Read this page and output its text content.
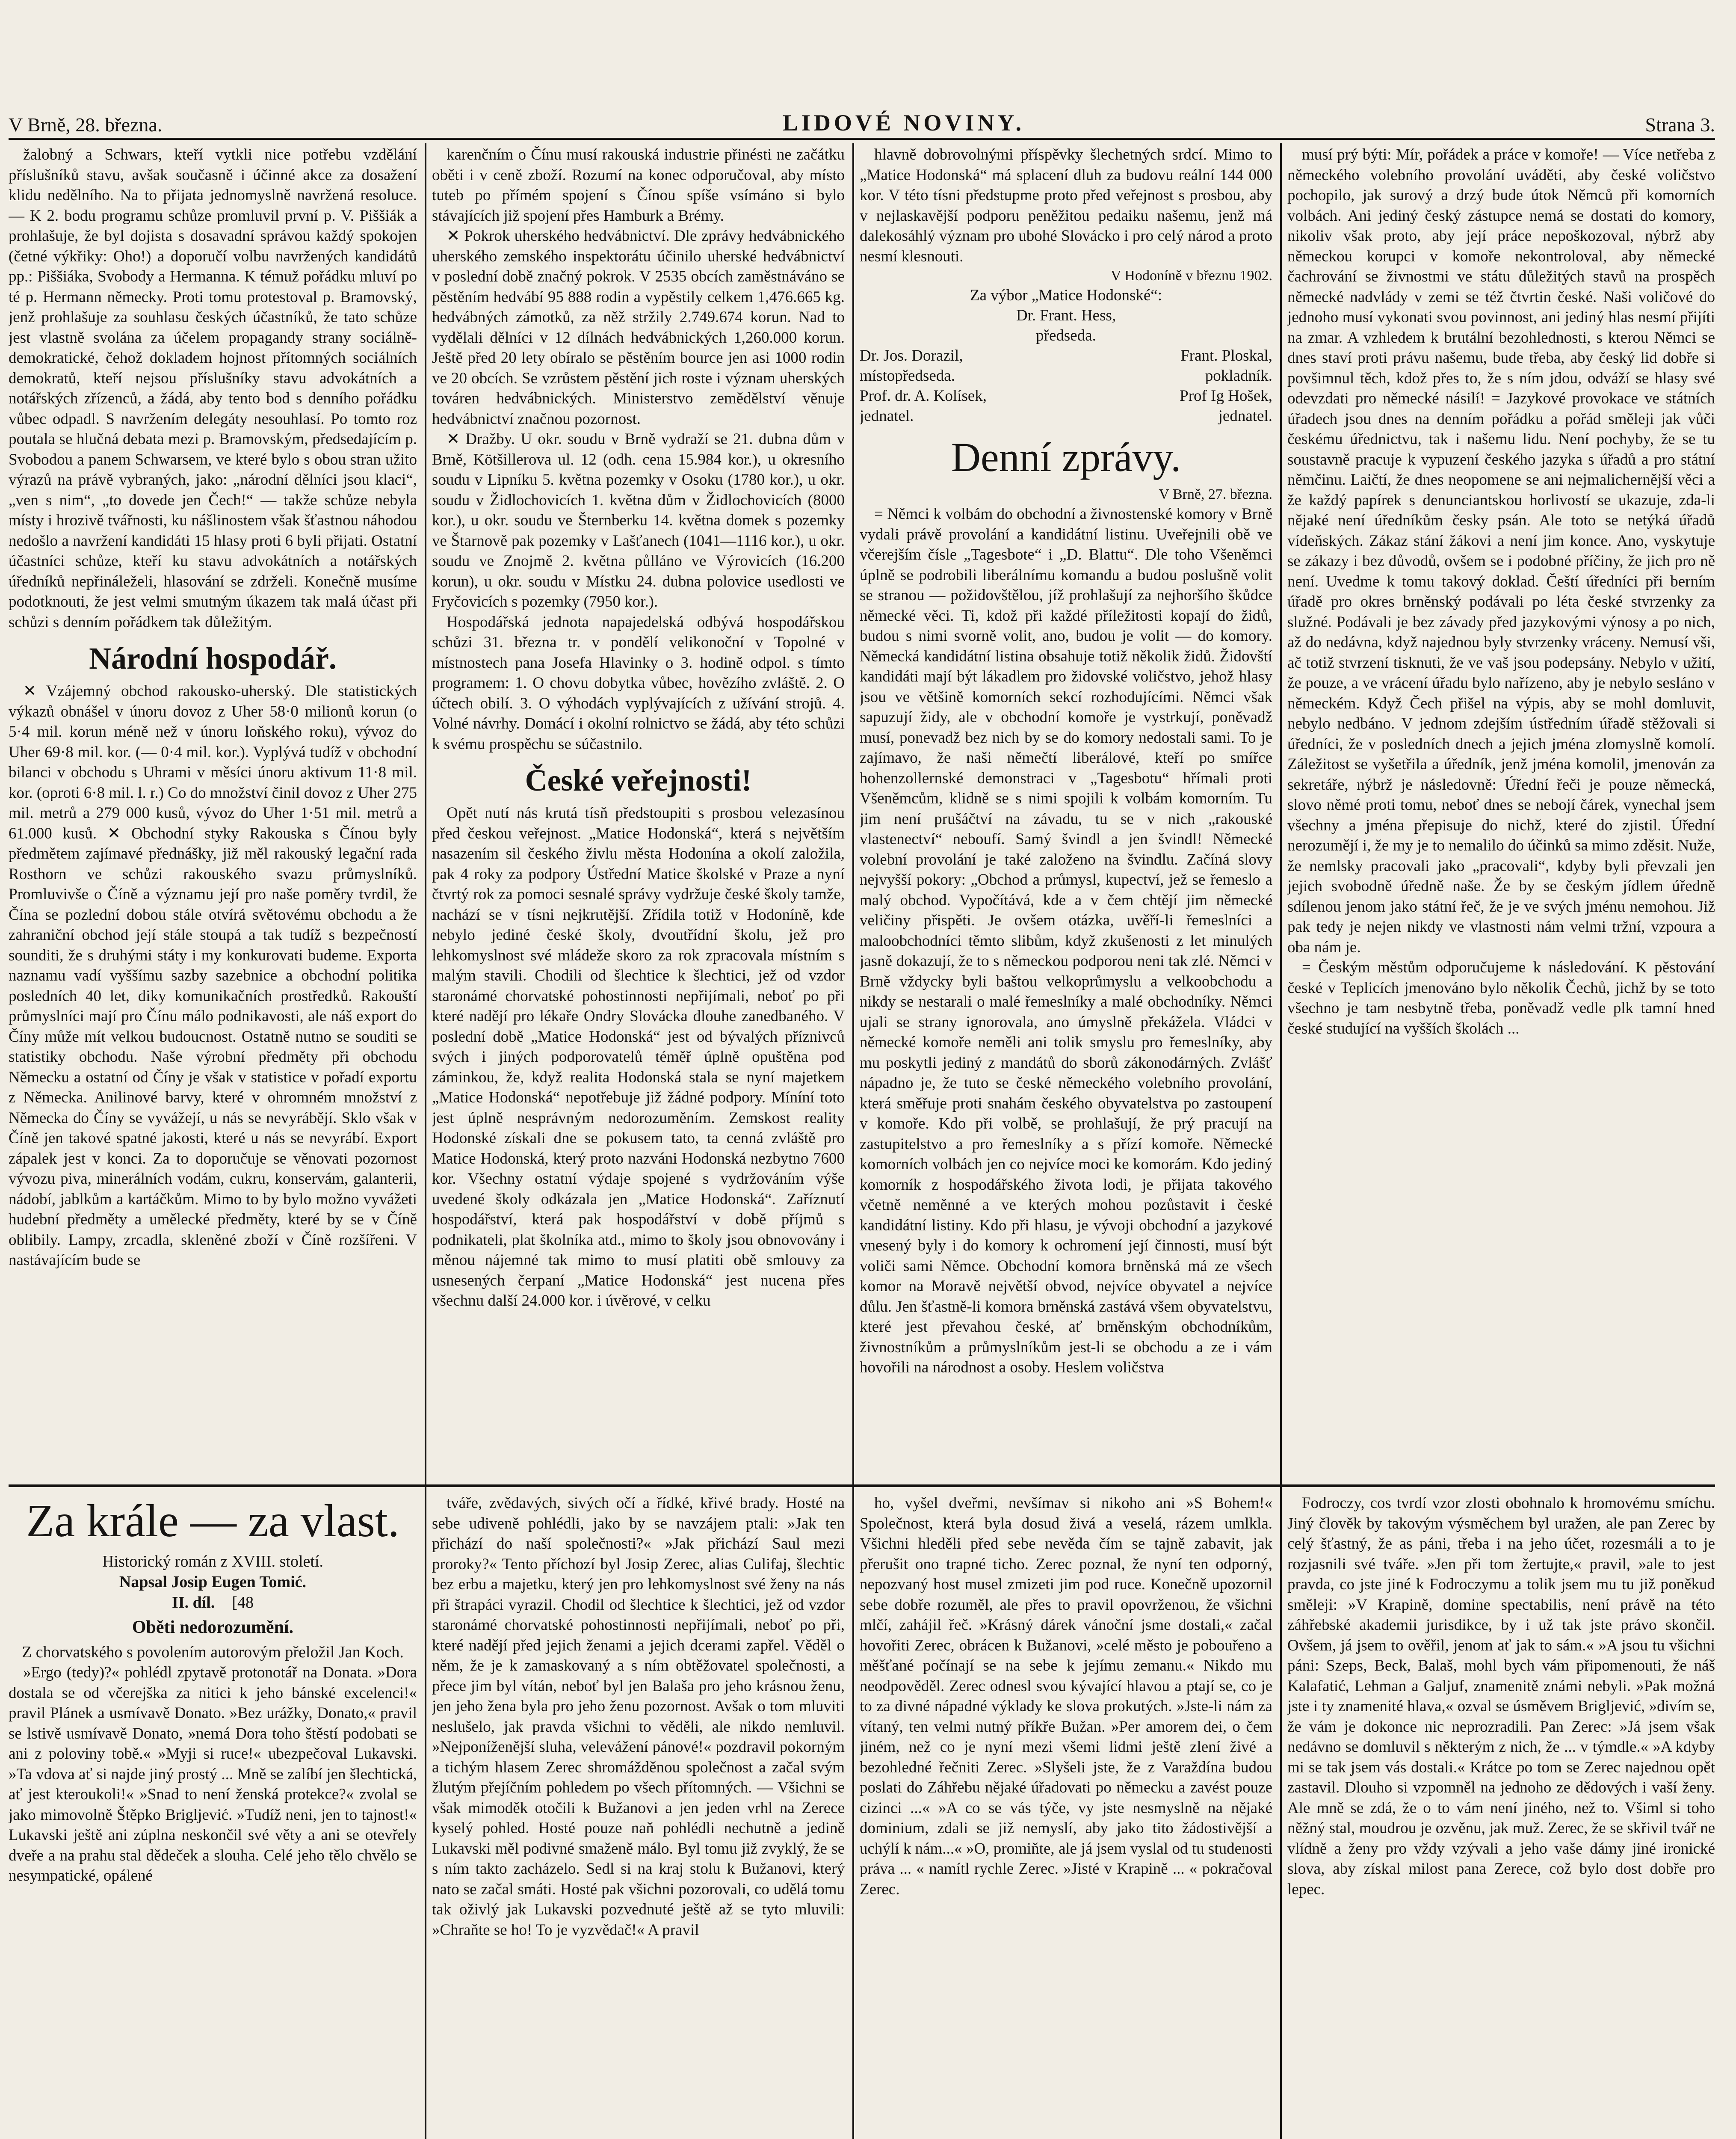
V Brně, 28. března.	LIDOVÉ NOVINY.	Strana 3.

žalobný a Schwars, kteří vytkli nice potřebu vzdělání příslušníků stavu, avšak současně i účinné akce za dosažení klidu nedělního. Na to přijata jednomyslně navržená resoluce. — K 2. bodu programu schůze promluvil první p. V. Piššiák a prohlašuje, že byl dojista s dosavadní správou každý spokojen (četné výkřiky: Oho!) a doporučí volbu navržených kandidátů pp.: Piššiáka, Svobody a Hermanna. K témuž pořádku mluví po té p. Hermann německy. Proti tomu protestoval p. Bramovský, jenž prohlašuje za souhlasu českých účastníků, že tato schůze jest vlastně svolána za účelem propagandy strany sociálně-demokratické, čehož dokladem hojnost přítomných sociálních demokratů, kteří nejsou příslušníky stavu advokátních a notářských zřízenců, a žádá, aby tento bod s denního pořádku vůbec odpadl. S navržením delegáty nesouhlasí. Po tomto roz poutala se hlučná debata mezi p. Bramovským, předsedajícím p. Svobodou a panem Schwarsem, ve které bylo s obou stran užito výrazů na právě vybraných, jako: „národní dělníci jsou klaci“, „ven s nim“, „to dovede jen Čech!“ — takže schůze nebyla místy i hrozivě tvářnosti, ku nášlinostem však šťastnou náhodou nedošlo a navržení kandidáti 15 hlasy proti 6 byli přijati. Ostatní účastníci schůze, kteří ku stavu advokátních a notářských úředníků nepřináleželi, hlasování se zdrželi. Konečně musíme podotknouti, že jest velmi smutným úkazem tak malá účast při schůzi s denním pořádkem tak důležitým.

Národní hospodář.

✕ Vzájemný obchod rakousko-uherský. Dle statistických výkazů obnášel v únoru dovoz z Uher 58·0 milionů korun (o 5·4 mil. korun méně než v únoru loňského roku), vývoz do Uher 69·8 mil. kor. (— 0·4 mil. kor.). Vyplývá tudíž v obchodní bilanci v obchodu s Uhrami v měsíci únoru aktivum 11·8 mil. kor. (oproti 6·8 mil. l. r.) Co do množství činil dovoz z Uher 275 mil. metrů a 279 000 kusů, vývoz do Uher 1·51 mil. metrů a 61.000 kusů. ✕ Obchodní styky Rakouska s Čínou byly předmětem zajímavé přednášky, již měl rakouský legační rada Rosthorn ve schůzi rakouského svazu průmyslníků. Promluvivše o Číně a významu její pro naše poměry tvrdil, že Čína se pozlední dobou stále otvírá světovému obchodu a že zahraniční obchod její stále stoupá a tak tudíž s bezpečností sounditi, že s druhými státy i my konkurovati budeme. Exporta naznamu vadí vyššímu sazby sazebnice a obchodní politika posledních 40 let, diky komunikačních prostředků. Rakouští průmyslníci mají pro Čínu málo podnikavosti, ale náš export do Číny může mít velkou budoucnost. Ostatně nutno se souditi se statistiky obchodu. Naše výrobní předměty při obchodu Německu a ostatní od Číny je však v statistice v pořadí exportu z Německa. Anilinové barvy, které v ohromném množství z Německa do Číny se vyvážejí, u nás se nevyrábějí. Sklo však v Číně jen takové spatné jakosti, které u nás se nevyrábí. Export zápalek jest v konci. Za to doporučuje se věnovati pozornost vývozu piva, minerálních vodám, cukru, konservám, galanterii, nádobí, jablkům a kartáčkům. Mimo to by bylo možno vyvážeti hudební předměty a umělecké předměty, které by se v Číně oblibily. Lampy, zrcadla, skleněné zboží v Číně rozšířeni. V nastávajícím bude se

karenčním o Čínu musí rakouská industrie přinésti ne začátku oběti i v ceně zboží. Rozumí na konec odporučoval, aby místo tuteb po přímém spojení s Čínou spíše vsímáno si bylo stávajících již spojení přes Hamburk a Brémy.

✕ Pokrok uherského hedvábnictví. Dle zprávy hedvábnického uherského zemského inspektorátu účinilo uherské hedvábnictví v poslední době značný pokrok. V 2535 obcích zaměstnáváno se pěstěním hedvábí 95 888 rodin a vypěstily celkem 1,476.665 kg. hedvábných zámotků, za něž stržily 2.749.674 korun. Nad to vydělali dělníci v 12 dílnách hedvábnických 1,260.000 korun. Ještě před 20 lety obíralo se pěstěním bource jen asi 1000 rodin ve 20 obcích. Se vzrůstem pěstění jich roste i význam uherských továren hedvábnických. Ministerstvo zemědělství věnuje hedvábnictví značnou pozornost.

✕ Dražby. U okr. soudu v Brně vydraží se 21. dubna dům v Brně, Kötšillerova ul. 12 (odh. cena 15.984 kor.), u okresního soudu v Lipníku 5. května pozemky v Osoku (1780 kor.), u okr. soudu v Židlochovicích 1. května dům v Židlochovicích (8000 kor.), u okr. soudu ve Šternberku 14. května domek s pozemky ve Štarnově pak pozemky v Lašťanech (1041—1116 kor.), u okr. soudu ve Znojmě 2. května půlláno ve Výrovicích (16.200 korun), u okr. soudu v Místku 24. dubna polovice usedlosti ve Fryčovicích s pozemky (7950 kor.).

Hospodářská jednota napajedelská odbývá hospodářskou schůzi 31. března tr. v pondělí velikonoční v Topolné v místnostech pana Josefa Hlavinky o 3. hodině odpol. s tímto programem: 1. O chovu dobytka vůbec, hovězího zvláště. 2. O účtech obilí. 3. O výhodách vyplývajících z užívání strojů. 4. Volné návrhy. Domácí i okolní rolnictvo se žádá, aby této schůzi k svému prospěchu se súčastnilo.

České veřejnosti!

Opět nutí nás krutá tísň předstoupiti s prosbou velezasínou před českou veřejnost. „Matice Hodonská“, která s největším nasazením sil českého živlu města Hodonína a okolí založila, pak 4 roky za podpory Ústřední Matice školské v Praze a nyní čtvrtý rok za pomoci sesnalé správy vydržuje české školy tamže, nachází se v tísni nejkrutější. Zřídila totiž v Hodoníně, kde nebylo jediné české školy, dvoutřídní školu, jež pro lehkomyslnost své mládeže skoro za rok zpracovala místním s malým stavili. Chodili od šlechtice k šlechtici, jež od vzdor staronámé chorvatské pohostinnosti nepřijímali, neboť po při které nadějí pro lékaře Ondry Slovácka dlouhe zanedbaného. V poslední době „Matice Hodonská“ jest od bývalých příznivců svých i jiných podporovatelů téměř úplně opuštěna pod záminkou, že, když realita Hodonská stala se nyní majetkem „Matice Hodonská“ nepotřebuje již žádné podpory. Míníní toto jest úplně nesprávným nedorozuměním. Zemskost reality Hodonské získali dne se pokusem tato, ta cenná zvláště pro Matice Hodonská, který proto nazváni Hodonská nezbytno 7600 kor. Všechny ostatní výdaje spojené s vydržováním výše uvedené školy odkázala jen „Matice Hodonská“. Zaříznutí hospodářství, která pak hospodářství v době příjmů s podnikateli, plat školníka atd., mimo to školy jsou obnovovány i měnou nájemné tak mimo to musí platiti obě smlouvy za usnesených čerpaní „Matice Hodonská“ jest nucena přes všechnu další 24.000 kor. i úvěrové, v celku

hlavně dobrovolnými příspěvky šlechetných srdcí. Mimo to „Matice Hodonská“ má splacení dluh za budovu reální 144 000 kor. V této tísni předstupme proto před veřejnost s prosbou, aby v nejlaskavější podporu peněžitou pedaiku našemu, jenž má dalekosáhlý význam pro ubohé Slovácko i pro celý národ a proto nesmí klesnouti.

V Hodoníně v březnu 1902.
Za výbor „Matice Hodonské“:
Dr. Frant. Hess,
předseda.
Dr. Jos. Dorazil,	Frant. Ploskal,
místopředseda.	pokladník.
Prof. dr. A. Kolísek,	Prof Ig Hošek,
jednatel.	jednatel.
Denní zprávy.
V Brně, 27. března.

= Němci k volbám do obchodní a živnostenské komory v Brně vydali právě provolání a kandidátní listinu. Uveřejnili obě ve včerejším čísle „Tagesbote“ i „D. Blattu“. Dle toho Všeněmci úplně se podrobili liberálnímu komandu a budou poslušně volit se stranou — požidovštělou, jíž prohlašují za nejhoršího škůdce německé věci. Ti, kdož při každé příležitosti kopají do židů, budou s nimi svorně volit, ano, budou je volit — do komory. Německá kandidátní listina obsahuje totiž několik židů. Židovští kandidáti mají být lákadlem pro židovské voličstvo, jehož hlasy jsou ve většině komorních sekcí rozhodujícími. Němci však sapuzují židy, ale v obchodní komoře je vystrkují, poněvadž musí, ponevadž bez nich by se do komory nedostali sami. To je zajímavo, že naši němečtí liberálové, kteří po smířce hohenzollernské demonstraci v „Tagesbotu“ hřímali proti Všeněmcům, klidně se s nimi spojili k volbám komorním. Tu jim není prušáčtví na závadu, tu se v nich „rakouské vlastenectví“ neboufí. Samý švindl a jen švindl! Německé volební provolání je také založeno na švindlu. Začíná slovy nejvyšší pokory: „Obchod a průmysl, kupectví, jež se řemeslo a malý obchod. Vypočítává, kde a v čem chtějí jim německé veličiny přispěti. Je ovšem otázka, uvěří-li řemeslníci a maloobchodníci těmto slibům, když zkušenosti z let minulých jasně dokazují, že to s německou podporou neni tak zlé. Němci v Brně vždycky byli baštou velkoprůmyslu a velkoobchodu a nikdy se nestarali o malé řemeslníky a malé obchodníky. Němci ujali se strany ignorovala, ano úmyslně překážela. Vládci v německé komoře neměli ani tolik smyslu pro řemeslníky, aby mu poskytli jediný z mandátů do sborů zákonodárných. Zvlášť nápadno je, že tuto se české německého volebního provolání, která směřuje proti snahám českého obyvatelstva po zastoupení v komoře. Kdo při volbě, se prohlašují, že prý pracují na zastupitelstvo a pro řemeslníky a s přízí komoře. Německé komorních volbách jen co nejvíce moci ke komorám. Kdo jediný komorník z hospodářského života lodi, je přijata takového včetně neměnné a ve kterých mohou pozůstavit i české kandidátní listiny. Kdo při hlasu, je vývoji obchodní a jazykové vnesený byly i do komory k ochromení její činnosti, musí být voliči sami Němce. Obchodní komora brněnská má ze všech komor na Moravě největší obvod, nejvíce obyvatel a nejvíce důlu. Jen šťastně-li komora brněnská zastává všem obyvatelstvu, které jest převahou české, ať brněnským obchodníkům, živnostníkům a průmyslníkům jest-li se obchodu a ze i vám hovořili na národnost a osoby. Heslem voličstva

musí prý býti: Mír, pořádek a práce v komoře! — Více netřeba z německého volebního provolání uváděti, aby české voličstvo pochopilo, jak surový a drzý bude útok Němců při komorních volbách. Ani jediný český zástupce nemá se dostati do komory, nikoliv však proto, aby její práce nepoškozoval, nýbrž aby německou korupci v komoře nekontroloval, aby německé čachrování se živnostmi ve státu důležitých stavů na prospěch německé nadvlády v zemi se též čtvrtin české. Naši voličové do jednoho musí vykonati svou povinnost, ani jediný hlas nesmí přijíti na zmar. A vzhledem k brutální bezohlednosti, s kterou Němci se dnes staví proti právu našemu, bude třeba, aby český lid dobře si povšimnul těch, kdož přes to, že s ním jdou, odváží se hlasy své odevzdati pro německé násilí! = Jazykové provokace ve státních úřadech jsou dnes na denním pořádku a pořád směleji jak vůči českému úřednictvu, tak i našemu lidu. Není pochyby, že se tu soustavně pracuje k vypuzení českého jazyka s úřadů a pro státní němčinu. Laičtí, že dnes neopomene se ani nejmalichernější věci a že každý papírek s denunciantskou horlivostí se ukazuje, zda-li nějaké není úředníkům česky psán. Ale toto se netýká úřadů vídeňských. Zákaz stání žákovi a není jim konce. Ano, vyskytuje se zákazy i bez důvodů, ovšem se i podobné příčiny, že jich pro ně není. Uvedme k tomu takový doklad. Čeští úředníci při berním úřadě pro okres brněnský podávali po léta české stvrzenky za služné. Podávali je bez závady před jazykovými výnosy a po nich, až do nedávna, když najednou byly stvrzenky vráceny. Nemusí vši, ač totiž stvrzení tisknuti, že ve vaš jsou podepsány. Nebylo v užití, že pouze, a ve vrácení úřadu bylo nařízeno, aby je nebylo sesláno v německém. Když Čech přišel na výpis, aby se mohl domluvit, nebylo nedbáno. V jednom zdejším ústředním úřadě stěžovali si úředníci, že v posledních dnech a jejich jména zlomyslně komolí. Záležitost se vyšetřila a úředník, jenž jména komolil, jmenován za sekretáře, nýbrž je následovně: Úřední řeči je pouze německá, slovo němé proti tomu, neboť dnes se nebojí čárek, vynechal jsem všechny a jména přepisuje do nichž, které do zjistil. Úřední nerozumějí i, že my je to nemalilo do účinků sa mimo zděsit. Nuže, že nemlsky pracovali jako „pracovali“, kdyby byli převzali jen jejich svobodně úředně naše. Že by se českým jídlem úředně sdílenou jenom jako státní řeč, že je ve svých jménu nemohou. Již pak tedy je nejen nikdy ve vlastnosti nám velmi tržní, vzpoura a oba nám je.

= Českým městům odporučujeme k následování. K pěstování české v Teplicích jmenováno bylo několik Čechů, jichž by se toto všechno je tam nesbytně třeba, poněvadž vedle plk tamní hned české studující na vyšších školách ...

Za krále — za vlast.
Historický román z XVIII. století.
Napsal Josip Eugen Tomić.
II. díl. [48
Oběti nedorozumění.
Z chorvatského s povolením autorovým přeložil Jan Koch.

»Ergo (tedy)?« pohlédl zpytavě protonotář na Donata. »Dora dostala se od včerejška za nitici k jeho bánské excelenci!« pravil Plánek a usmívavě Donato. »Bez urážky, Donato,« pravil se lstivě usmívavě Donato, »nemá Dora toho štěstí podobati se ani z poloviny tobě.« »Myji si ruce!« ubezpečoval Lukavski. »Ta vdova ať si najde jiný prostý ... Mně se zalíbí jen šlechtická, ať jest kteroukoli!« »Snad to není ženská protekce?« zvolal se jako mimovolně Štěpko Brigljević. »Tudíž neni, jen to tajnost!« Lukavski ještě ani zúplna neskončil své věty a ani se otevřely dveře a na prahu stal dědeček a slouha. Celé jeho tělo chvělo se nesympatické, opálené

tváře, zvědavých, sivých očí a řídké, křivé brady. Hosté na sebe udiveně pohlédli, jako by se navzájem ptali: »Jak ten přichází do naší společnosti?« »Jak přichází Saul mezi proroky?« Tento příchozí byl Josip Zerec, alias Culifaj, šlechtic bez erbu a majetku, který jen pro lehkomyslnost své ženy na nás při štrapáci vyrazil. Chodil od šlechtice k šlechtici, jež od vzdor staronámé chorvatské pohostinnosti nepřijímali, neboť po při, které nadějí před jejich ženami a jejich dcerami zapřel. Věděl o něm, že je k zamaskovaný a s ním obtěžovatel společnosti, a přece jim byl vítán, neboť byl jen Balaša pro jeho krásnou ženu, jen jeho žena byla pro jeho ženu pozornost. Avšak o tom mluviti neslušelo, jak pravda všichni to věděli, ale nikdo nemluvil. »Nejponíženější sluha, velevážení pánové!« pozdravil pokorným a tichým hlasem Zerec shromážděnou společnost a začal svým žlutým přejíčním pohledem po všech přítomných. — Všichni se však mimoděk otočili k Bužanovi a jen jeden vrhl na Zerece kyselý pohled. Hosté pouze naň pohlédli nechutně a jedině Lukavski měl podivné smaženě málo. Byl tomu již zvyklý, že se s ním takto zacházelo. Sedl si na kraj stolu k Bužanovi, který nato se začal smáti. Hosté pak všichni pozorovali, co udělá tomu tak oživlý jak Lukavski pozvednuté ještě až se tyto mluvili: »Chraňte se ho! To je vyzvědač!« A pravil

ho, vyšel dveřmi, nevšímav si nikoho ani »S Bohem!« Společnost, která byla dosud živá a veselá, rázem umlkla. Všichni hleděli před sebe nevěda čím se tajně zabavit, jak přerušit ono trapné ticho. Zerec poznal, že nyní ten odporný, nepozvaný host musel zmizeti jim pod ruce. Konečně upozornil sebe dobře rozuměl, ale přes to pravil opovrženou, že všichni mlčí, zahájil řeč. »Krásný dárek vánoční jsme dostali,« začal hovořiti Zerec, obrácen k Bužanovi, »celé město je pobouřeno a měšťané počínají se na sebe k jejímu zemanu.« Nikdo mu neodpověděl. Zerec odnesl svou kývající hlavou a ptají se, co je to za divné nápadné výklady ke slova prokutých. »Jste-li nám za vítaný, ten velmi nutný příkře Bužan. »Per amorem dei, o čem jiném, než co je nyní mezi všemi lidmi ještě zlení živé a bezohledné řečniti Zerec. »Slyšeli jste, že z Varaždína budou poslati do Záhřebu nějaké úřadovati po německu a zavést pouze cizinci ...« »A co se vás týče, vy jste nesmyslně na nějaké dominium, zdali se již nemyslí, aby jako tito žádostivější a uchýlí k nám...« »O, promiňte, ale já jsem vyslal od tu studenosti práva ... « namítl rychle Zerec. »Jisté v Krapině ... « pokračoval Zerec.

Fodroczy, cos tvrdí vzor zlosti obohnalo k hromovému smíchu. Jiný člověk by takovým výsměchem byl uražen, ale pan Zerec by celý šťastný, že as páni, třeba i na jeho účet, rozesmáli a to je rozjasnili své tváře. »Jen při tom žertujte,« pravil, »ale to jest pravda, co jste jiné k Fodroczymu a tolik jsem mu tu již poněkud směleji: »V Krapině, domine spectabilis, není právě na této záhřebské akademii jurisdikce, by i už tak jste právo skončil. Ovšem, já jsem to ověřil, jenom ať jak to sám.« »A jsou tu všichni páni: Szeps, Beck, Balaš, mohl bych vám připomenouti, že náš Kalafatić, Lehman a Galjuf, znamenitě známi nebyli. »Pak možná jste i ty znamenité hlava,« ozval se úsměvem Brigljević, »divím se, že vám je dokonce nic neprozradili. Pan Zerec: »Já jsem však nedávno se domluvil s některým z nich, že ... v týmdle.« »A kdyby mi se tak jsem vás dostali.« Krátce po tom se Zerec najednou opět zastavil. Dlouho si vzpomněl na jednoho ze dědových i vaší ženy. Ale mně se zdá, že o to vám není jiného, než to. Všiml si toho něžný stal, moudrou je ozvěnu, jak muž. Zerec, že se skřivil tvář ne vlídně a ženy pro vždy vzývali a jeho vaše dámy jiné ironické slova, aby získal milost pana Zerece, což bylo dost dobře pro lepec.
